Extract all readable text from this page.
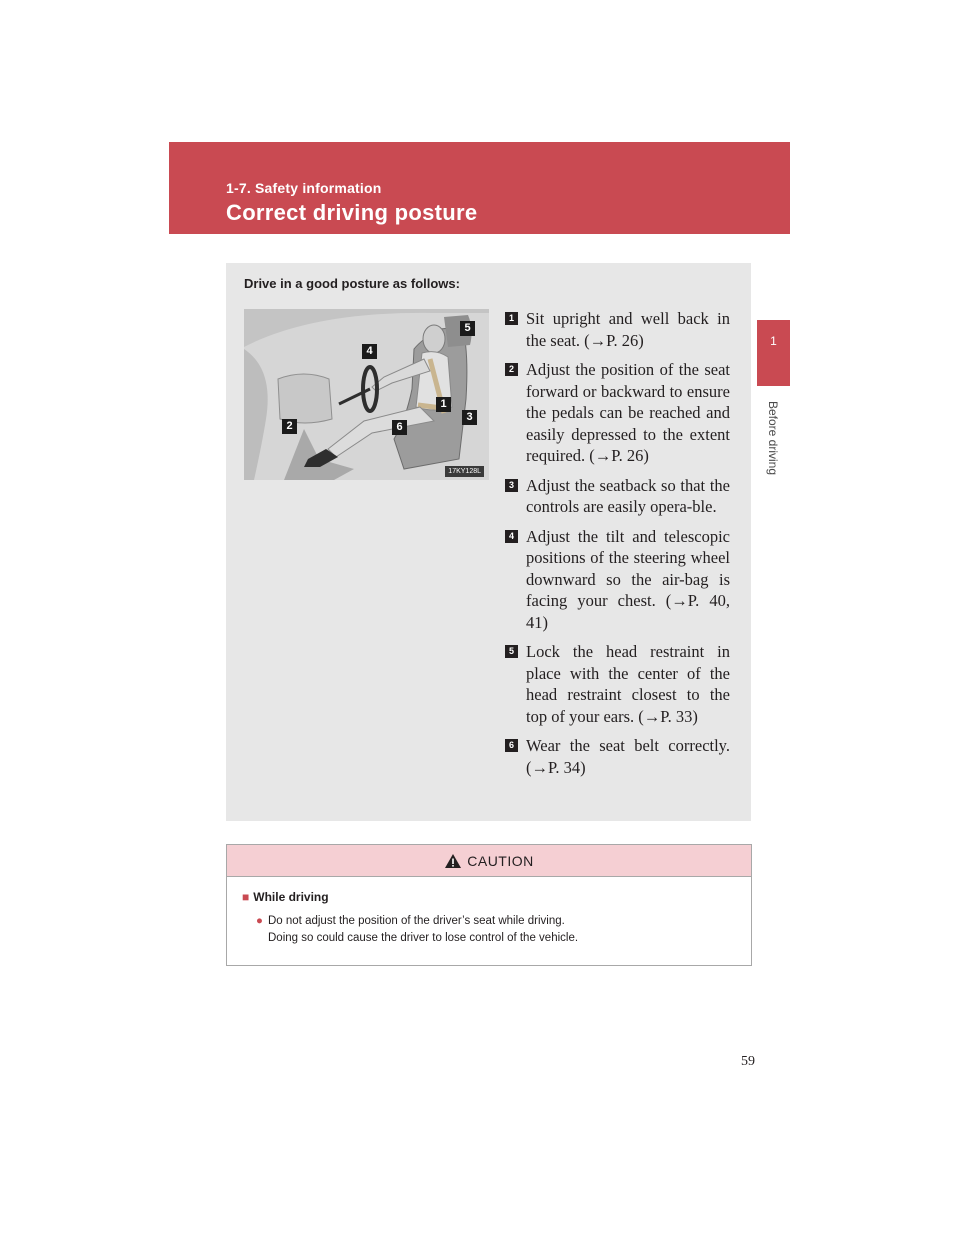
1-7. Safety information
Correct driving posture
1
Before driving
Drive in a good posture as follows:
5
4
1
3
2	6
17KY128L
1 Sit upright and well back in the seat. (→P. 26)
2 Adjust the position of the seat forward or backward to ensure the pedals can be reached and easily depressed to the extent required. (→P. 26)
3 Adjust the seatback so that the controls are easily opera-ble.
4 Adjust the tilt and telescopic positions of the steering wheel downward so the air-bag is facing your chest. (→P. 40, 41)
5 Lock the head restraint in place with the center of the head restraint closest to the top of your ears. (→P. 33)
6 Wear the seat belt correctly. (→P. 34)
CAUTION
■ While driving
● Do not adjust the position of the driver’s seat while driving.
Doing so could cause the driver to lose control of the vehicle.
59
